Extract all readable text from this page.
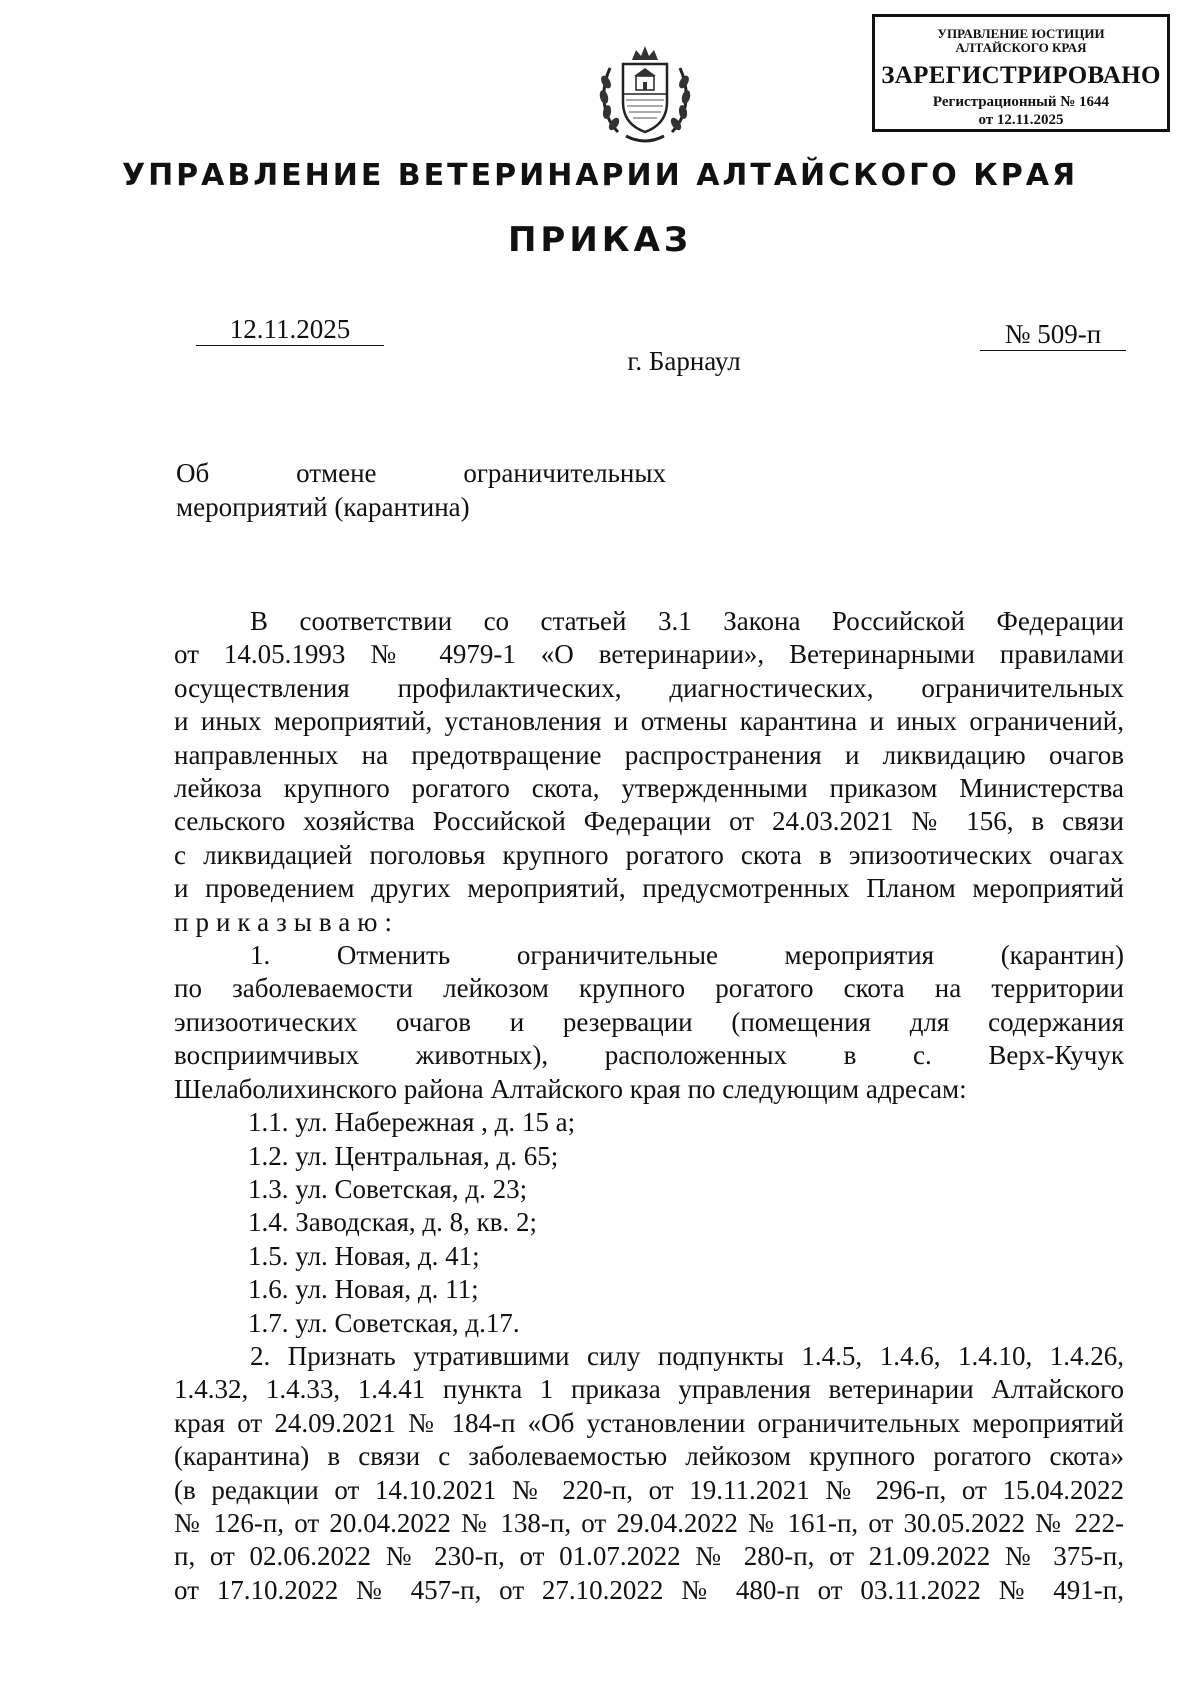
УПРАВЛЕНИЕ ЮСТИЦИИ
АЛТАЙСКОГО КРАЯ
ЗАРЕГИСТРИРОВАНО
Регистрационный № 1644
от 12.11.2025
УПРАВЛЕНИЕ ВЕТЕРИНАРИИ АЛТАЙСКОГО КРАЯ
ПРИКАЗ
12.11.2025	№ 509-п
г. Барнаул
Об	отмене	ограничительных
мероприятий (карантина)
В соответствии со статьей 3.1 Закона Российской Федерации
от 14.05.1993 № 4979-1 «О ветеринарии», Ветеринарными правилами
осуществления профилактических, диагностических, ограничительных
и иных мероприятий, установления и отмены карантина и иных ограничений,
направленных на предотвращение распространения и ликвидацию очагов
лейкоза крупного рогатого скота, утвержденными приказом Министерства
сельского хозяйства Российской Федерации от 24.03.2021 № 156, в связи
с ликвидацией поголовья крупного рогатого скота в эпизоотических очагах
и проведением других мероприятий, предусмотренных Планом мероприятий
приказываю:
1. Отменить ограничительные мероприятия (карантин)
по заболеваемости лейкозом крупного рогатого скота на территории
эпизоотических очагов и резервации (помещения для содержания
восприимчивых животных), расположенных в с. Верх-Кучук
Шелаболихинского района Алтайского края по следующим адресам:
1.1. ул. Набережная , д. 15 а;
1.2. ул. Центральная, д. 65;
1.3. ул. Советская, д. 23;
1.4. Заводская, д. 8, кв. 2;
1.5. ул. Новая, д. 41;
1.6. ул. Новая, д. 11;
1.7. ул. Советская, д.17.
2. Признать утратившими силу подпункты 1.4.5, 1.4.6, 1.4.10, 1.4.26,
1.4.32, 1.4.33, 1.4.41 пункта 1 приказа управления ветеринарии Алтайского
края от 24.09.2021 № 184-п «Об установлении ограничительных мероприятий
(карантина) в связи с заболеваемостью лейкозом крупного рогатого скота»
(в редакции от 14.10.2021 № 220-п, от 19.11.2021 № 296-п, от 15.04.2022
№ 126-п, от 20.04.2022 № 138-п, от 29.04.2022 № 161-п, от 30.05.2022 № 222-
п, от 02.06.2022 № 230-п, от 01.07.2022 № 280-п, от 21.09.2022 № 375-п,
от 17.10.2022 № 457-п, от 27.10.2022 № 480-п от 03.11.2022 № 491-п,
